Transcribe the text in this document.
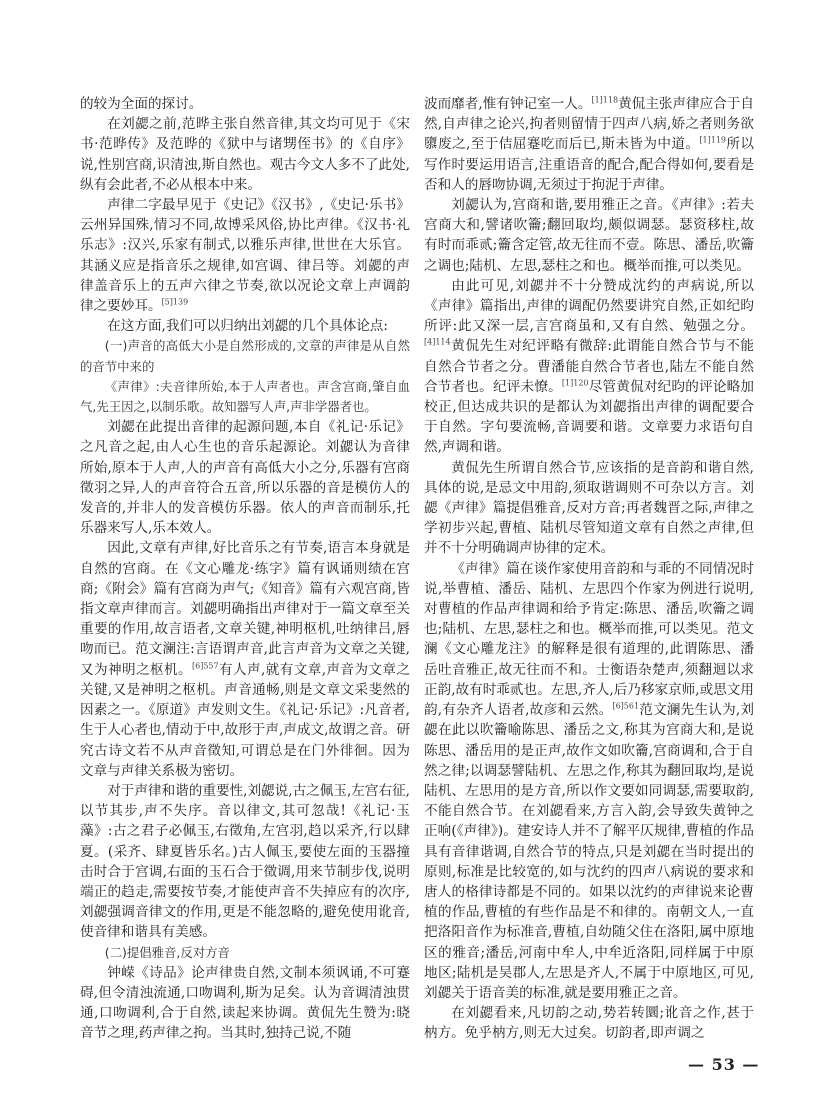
的较为全面的探讨。

在刘勰之前,范晔主张自然音律,其文均可见于《宋书·范晔传》及范晔的《狱中与诸甥侄书》的《自序》说,性别宫商,识清浊,斯自然也。观古今文人多不了此处,纵有会此者,不必从根本中来。

声律二字最早见于《史记》《汉书》,《史记·乐书》云州异国殊,情习不同,故博采风俗,协比声律。《汉书·礼乐志》:汉兴,乐家有制式,以雅乐声律,世世在大乐官。其涵义应是指音乐之规律,如宫调、律吕等。刘勰的声律盖音乐上的五声六律之节奏,欲以况论文章上声调韵律之要妙耳。$^{[5]139}$

在这方面,我们可以归纳出刘勰的几个具体论点:

(一)声音的高低大小是自然形成的,文章的声律是从自然的音节中来的

《声律》:夫音律所始,本于人声者也。声含宫商,肇自血气,先王因之,以制乐歌。故知器写人声,声非学器者也。

刘勰在此提出音律的起源问题,本自《礼记·乐记》之凡音之起,由人心生也的音乐起源论。刘勰认为音律所始,原本于人声,人的声音有高低大小之分,乐器有宫商徵羽之异,人的声音符合五音,所以乐器的音是模仿人的发音的,并非人的发音模仿乐器。依人的声音而制乐,托乐器来写人,乐本效人。

因此,文章有声律,好比音乐之有节奏,语言本身就是自然的宫商。在《文心雕龙·练字》篇有讽诵则绩在宫商;《附会》篇有宫商为声气;《知音》篇有六观宫商,皆指文章声律而言。刘勰明确指出声律对于一篇文章至关重要的作用,故言语者,文章关键,神明枢机,吐纳律吕,唇吻而已。范文澜注:言语谓声音,此言声音为文章之关键,又为神明之枢机。$^{[6]557}$有人声,就有文章,声音为文章之关键,又是神明之枢机。声音通畅,则是文章文采斐然的因素之一。《原道》声发则文生。《礼记·乐记》:凡音者,生于人心者也,情动于中,故形于声,声成文,故谓之音。研究古诗文若不从声音徵知,可谓总是在门外徘徊。因为文章与声律关系极为密切。

对于声律和谐的重要性,刘勰说,古之佩玉,左宫右征,以节其步,声不失序。音以律文,其可忽哉!《礼记·玉藻》:古之君子必佩玉,右徵角,左宫羽,趋以采齐,行以肆夏。(采齐、肆夏皆乐名。)古人佩玉,要使左面的玉器撞击时合于宫调,右面的玉石合于徵调,用来节制步伐,说明端正的趋走,需要按节奏,才能使声音不失掉应有的次序,刘勰强调音律文的作用,更是不能忽略的,避免使用讹音,使音律和谐具有美感。

(二)提倡雅音,反对方音

钟嵘《诗品》论声律贵自然,文制本须讽诵,不可蹇碍,但令清浊流通,口吻调利,斯为足矣。认为音调清浊贯通,口吻调利,合于自然,读起来协调。黄侃先生赞为:晓音节之理,药声律之拘。当其时,独持己说,不随

波而靡者,惟有钟记室一人。$^{[1]118}$黄侃主张声律应合于自然,自声律之论兴,拘者则留情于四声八病,娇之者则务欲隳废之,至于佶屈蹇吃而后已,斯未皆为中道。$^{[1]119}$所以写作时要运用语言,注重语音的配合,配合得如何,要看是否和人的唇吻协调,无须过于拘泥于声律。

刘勰认为,宫商和谐,要用雅正之音。《声律》:若夫宫商大和,譬诸吹籥;翻回取均,颇似调瑟。瑟资移柱,故有时而乖贰;籥含定管,故无往而不壹。陈思、潘岳,吹籥之调也;陆机、左思,瑟柱之和也。概举而推,可以类见。

由此可见,刘勰并不十分赞成沈约的声病说,所以《声律》篇指出,声律的调配仍然要讲究自然,正如纪昀所评:此又深一层,言宫商虽和,又有自然、勉强之分。$^{[4]114}$黄侃先生对纪评略有微辞:此谓能自然合节与不能自然合节者之分。曹潘能自然合节者也,陆左不能自然合节者也。纪评未憭。$^{[1]120}$尽管黄侃对纪昀的评论略加校正,但达成共识的是都认为刘勰指出声律的调配要合于自然。字句要流畅,音调要和谐。文章要力求语句自然,声调和谐。

黄侃先生所谓自然合节,应该指的是音韵和谐自然,具体的说,是忌文中用韵,须取谐调则不可杂以方言。刘勰《声律》篇提倡雅音,反对方音;再者魏晋之际,声律之学初步兴起,曹植、陆机尽管知道文章有自然之声律,但并不十分明确调声协律的定术。

《声律》篇在谈作家使用音韵和与乖的不同情况时说,举曹植、潘岳、陆机、左思四个作家为例进行说明,对曹植的作品声律调和给予肯定:陈思、潘岳,吹籥之调也;陆机、左思,瑟柱之和也。概举而推,可以类见。范文澜《文心雕龙注》的解释是很有道理的,此谓陈思、潘岳吐音雅正,故无往而不和。士衡语杂楚声,须翻迴以求正韵,故有时乖贰也。左思,齐人,后乃移家京师,或思文用韵,有杂齐人语者,故彦和云然。$^{[6]561}$范文澜先生认为,刘勰在此以吹籥喻陈思、潘岳之文,称其为宫商大和,是说陈思、潘岳用的是正声,故作文如吹籥,宫商调和,合于自然之律;以调瑟譬陆机、左思之作,称其为翻回取均,是说陆机、左思用的是方音,所以作文要如同调瑟,需要取韵,不能自然合节。在刘勰看来,方言入韵,会导致失黄钟之正响(《声律》)。建安诗人并不了解平仄规律,曹植的作品具有音律谐调,自然合节的特点,只是刘勰在当时提出的原则,标准是比较宽的,如与沈约的四声八病说的要求和唐人的格律诗都是不同的。如果以沈约的声律说来论曹植的作品,曹植的有些作品是不和律的。南朝文人,一直把洛阳音作为标准音,曹植,自幼随父住在洛阳,属中原地区的雅音;潘岳,河南中牟人,中牟近洛阳,同样属于中原地区;陆机是吴郡人,左思是齐人,不属于中原地区,可见,刘勰关于语音美的标准,就是要用雅正之音。

在刘勰看来,凡切韵之动,势若转圜;讹音之作,甚于枘方。免乎枘方,则无大过矣。切韵者,即声调之

— 53 —
